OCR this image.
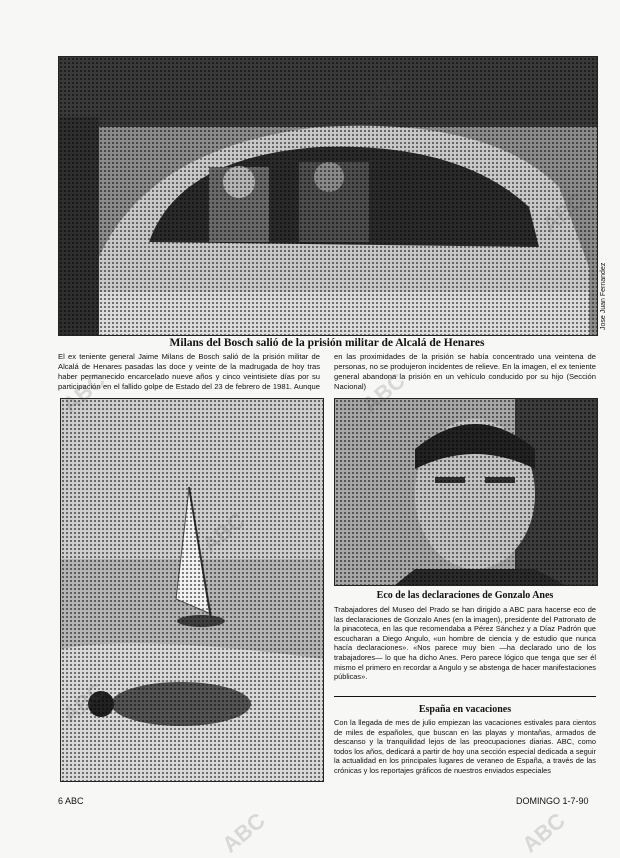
Jose Juan Fernandez
Milans del Bosch salió de la prisión militar de Alcalá de Henares
El ex teniente general Jaime Milans de Bosch salió de la prisión militar de Alcalá de Henares pasadas las doce y veinte de la madrugada de hoy tras haber permanecido encarcelado nueve años y cinco veintisiete días por su participación en el fallido golpe de Estado del 23 de febrero de 1981. Aunque en las proximidades de la prisión se había concentrado una veintena de personas, no se produjeron incidentes de relieve. En la imagen, el ex teniente general abandona la prisión en un vehículo conducido por su hijo (Sección Nacional)
Eco de las declaraciones de Gonzalo Anes

Trabajadores del Museo del Prado se han dirigido a ABC para hacerse eco de las declaraciones de Gonzalo Anes (en la imagen), presidente del Patronato de la pinacoteca, en las que recomendaba a Pérez Sánchez y a Díaz Padrón que escucharan a Diego Angulo, «un hombre de ciencia y de estudio que nunca hacía declaraciones». «Nos parece muy bien —ha declarado uno de los trabajadores— lo que ha dicho Anes. Pero parece lógico que tenga que ser él mismo el primero en recordar a Angulo y se abstenga de hacer manifestaciones públicas».

España en vacaciones

Con la llegada de mes de julio empiezan las vacaciones estivales para cientos de miles de españoles, que buscan en las playas y montañas, armados de descanso y la tranquilidad lejos de las preocupaciones diarias. ABC, como todos los años, dedicará a partir de hoy una sección especial dedicada a seguir la actualidad en los principales lugares de veraneo de España, a través de las crónicas y los reportajes gráficos de nuestros enviados especiales

6 ABC	DOMINGO 1-7-90
ABC	ABC
ABC	ABC
